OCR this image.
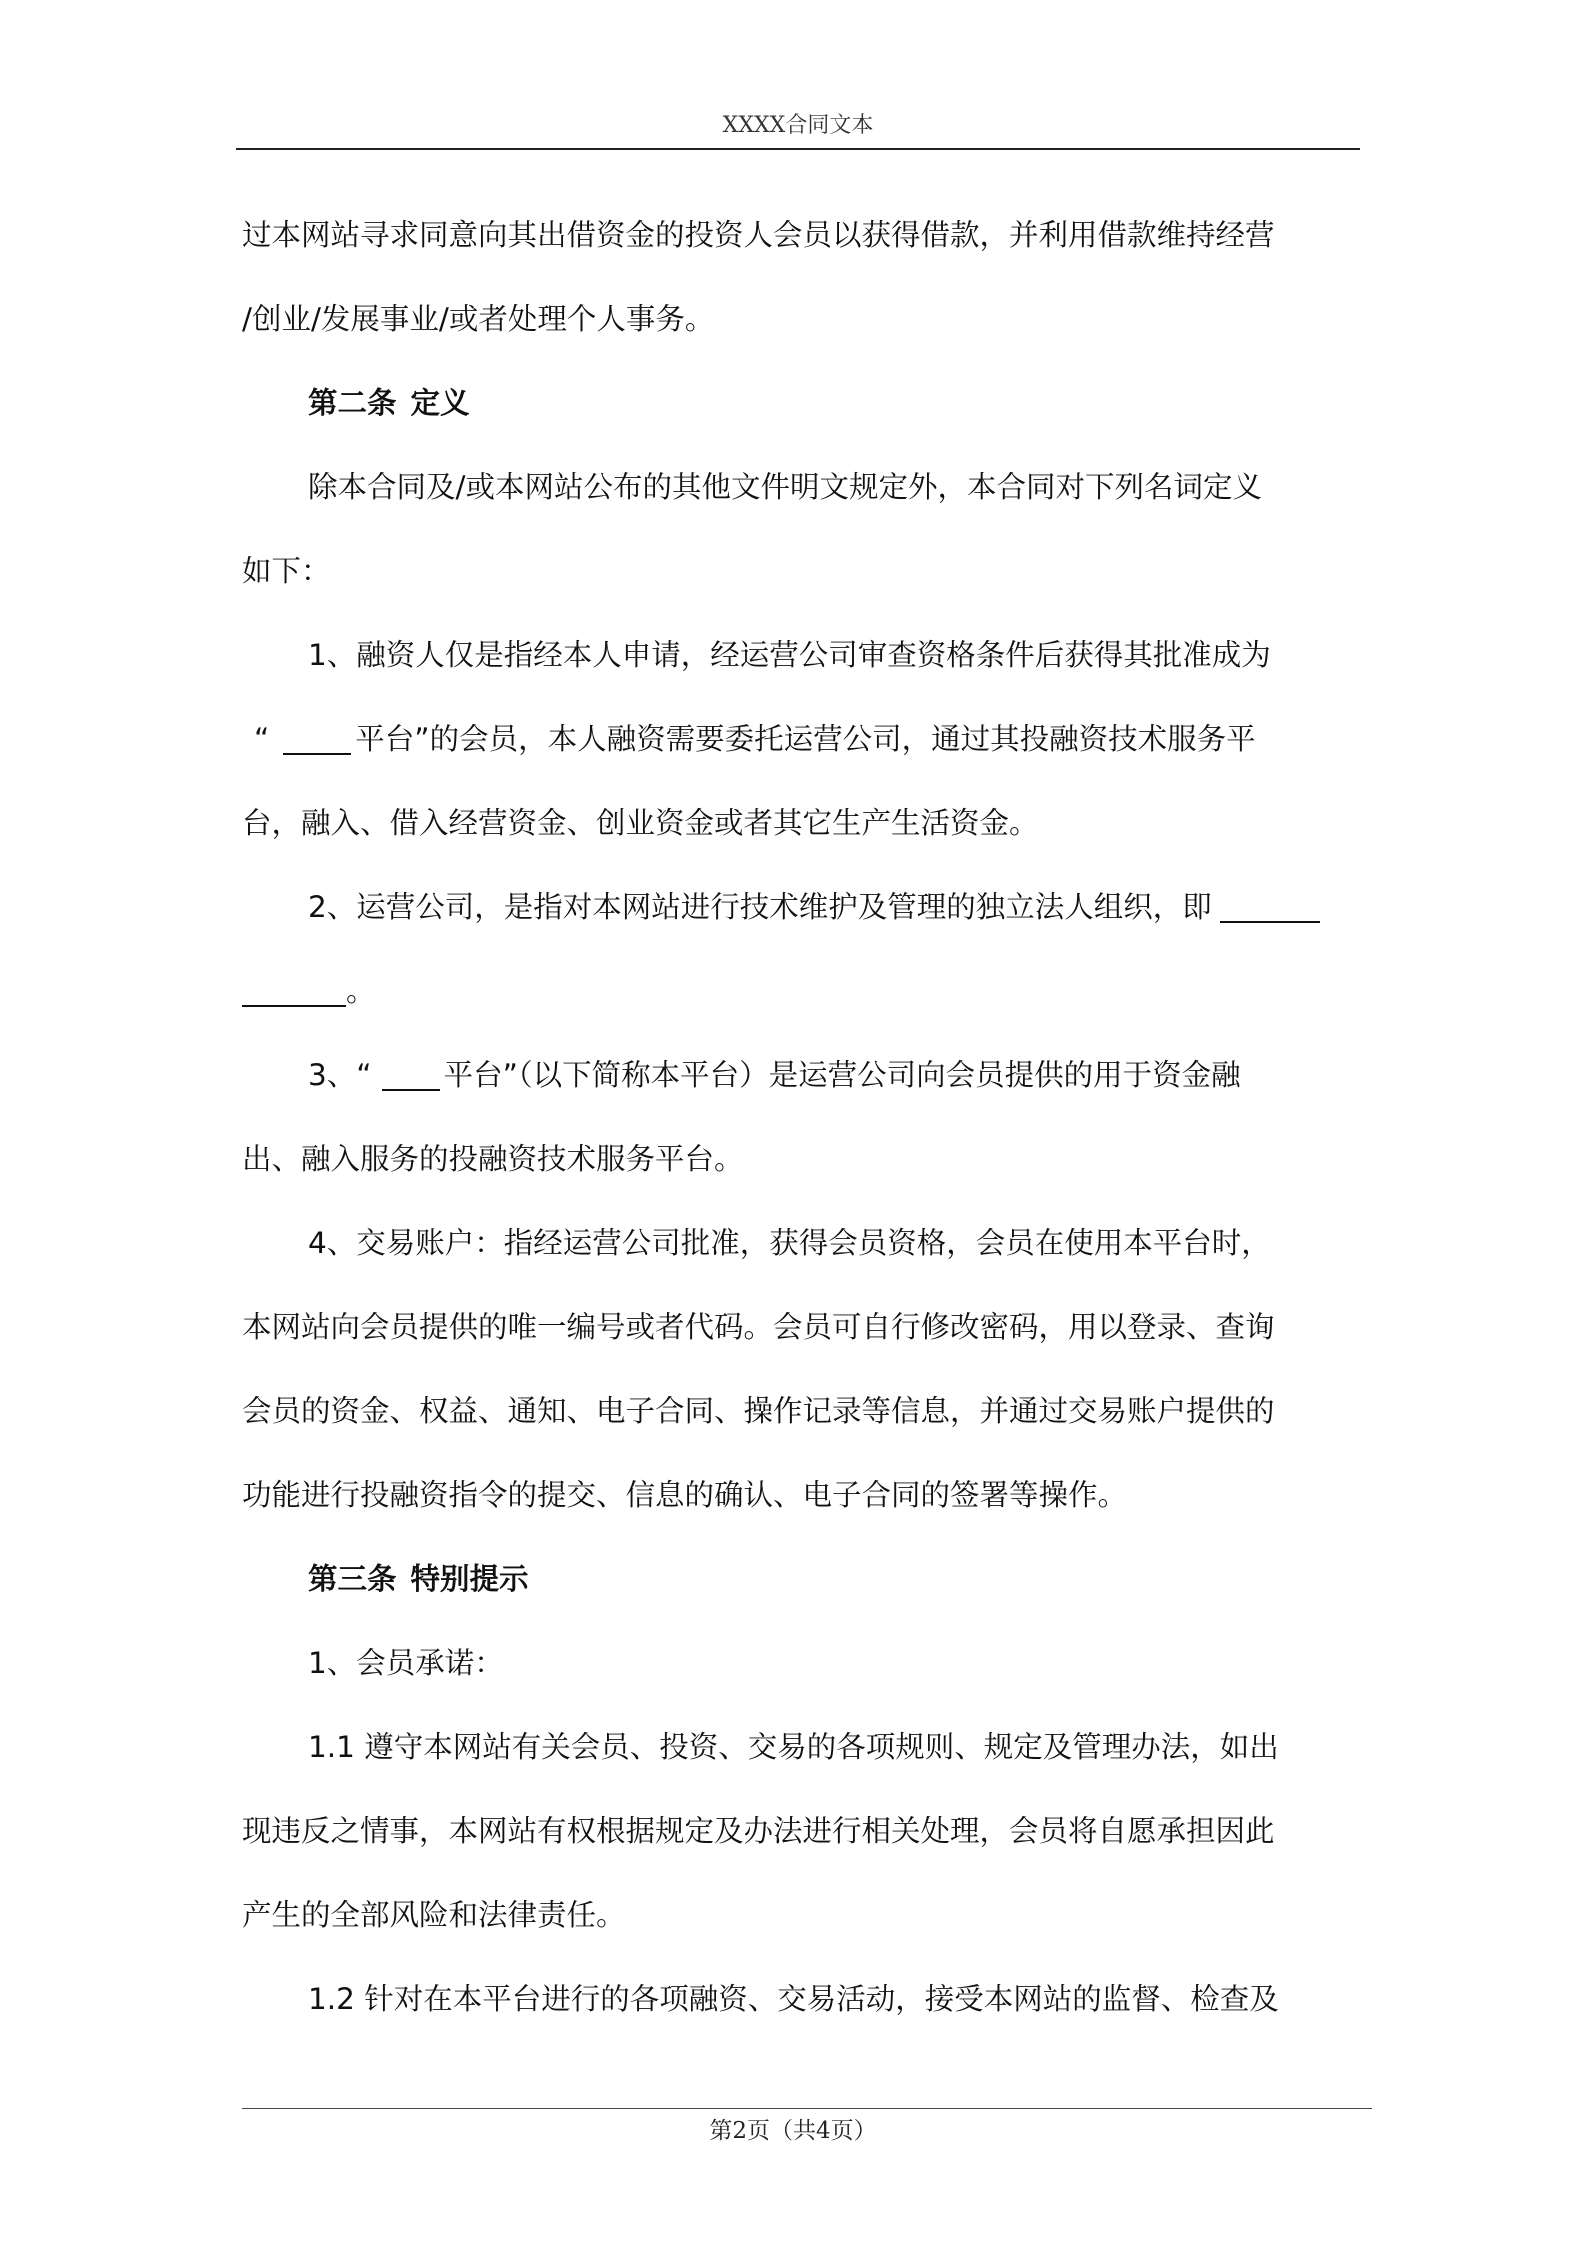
XXXX合同文本

过本网站寻求同意向其出借资金的投资人会员以获得借款，并利用借款维持经营

/创业/发展事业/或者处理个人事务。

第二条 定义

除本合同及/或本网站公布的其他文件明文规定外，本合同对下列名词定义

如下：

1、融资人仅是指经本人申请，经运营公司审查资格条件后获得其批准成为

“	平台”的会员，本人融资需要委托运营公司，通过其投融资技术服务平

台，融入、借入经营资金、创业资金或者其它生产生活资金。

2、运营公司，是指对本网站进行技术维护及管理的独立法人组织，即

。

3、“ 平台”（以下简称本平台）是运营公司向会员提供的用于资金融

出、融入服务的投融资技术服务平台。

4、交易账户：指经运营公司批准，获得会员资格，会员在使用本平台时，

本网站向会员提供的唯一编号或者代码。会员可自行修改密码，用以登录、查询

会员的资金、权益、通知、电子合同、操作记录等信息，并通过交易账户提供的

功能进行投融资指令的提交、信息的确认、电子合同的签署等操作。

第三条 特别提示

1、会员承诺：

1.1 遵守本网站有关会员、投资、交易的各项规则、规定及管理办法，如出

现违反之情事，本网站有权根据规定及办法进行相关处理，会员将自愿承担因此

产生的全部风险和法律责任。

1.2 针对在本平台进行的各项融资、交易活动，接受本网站的监督、检查及

第2页（共4页）
